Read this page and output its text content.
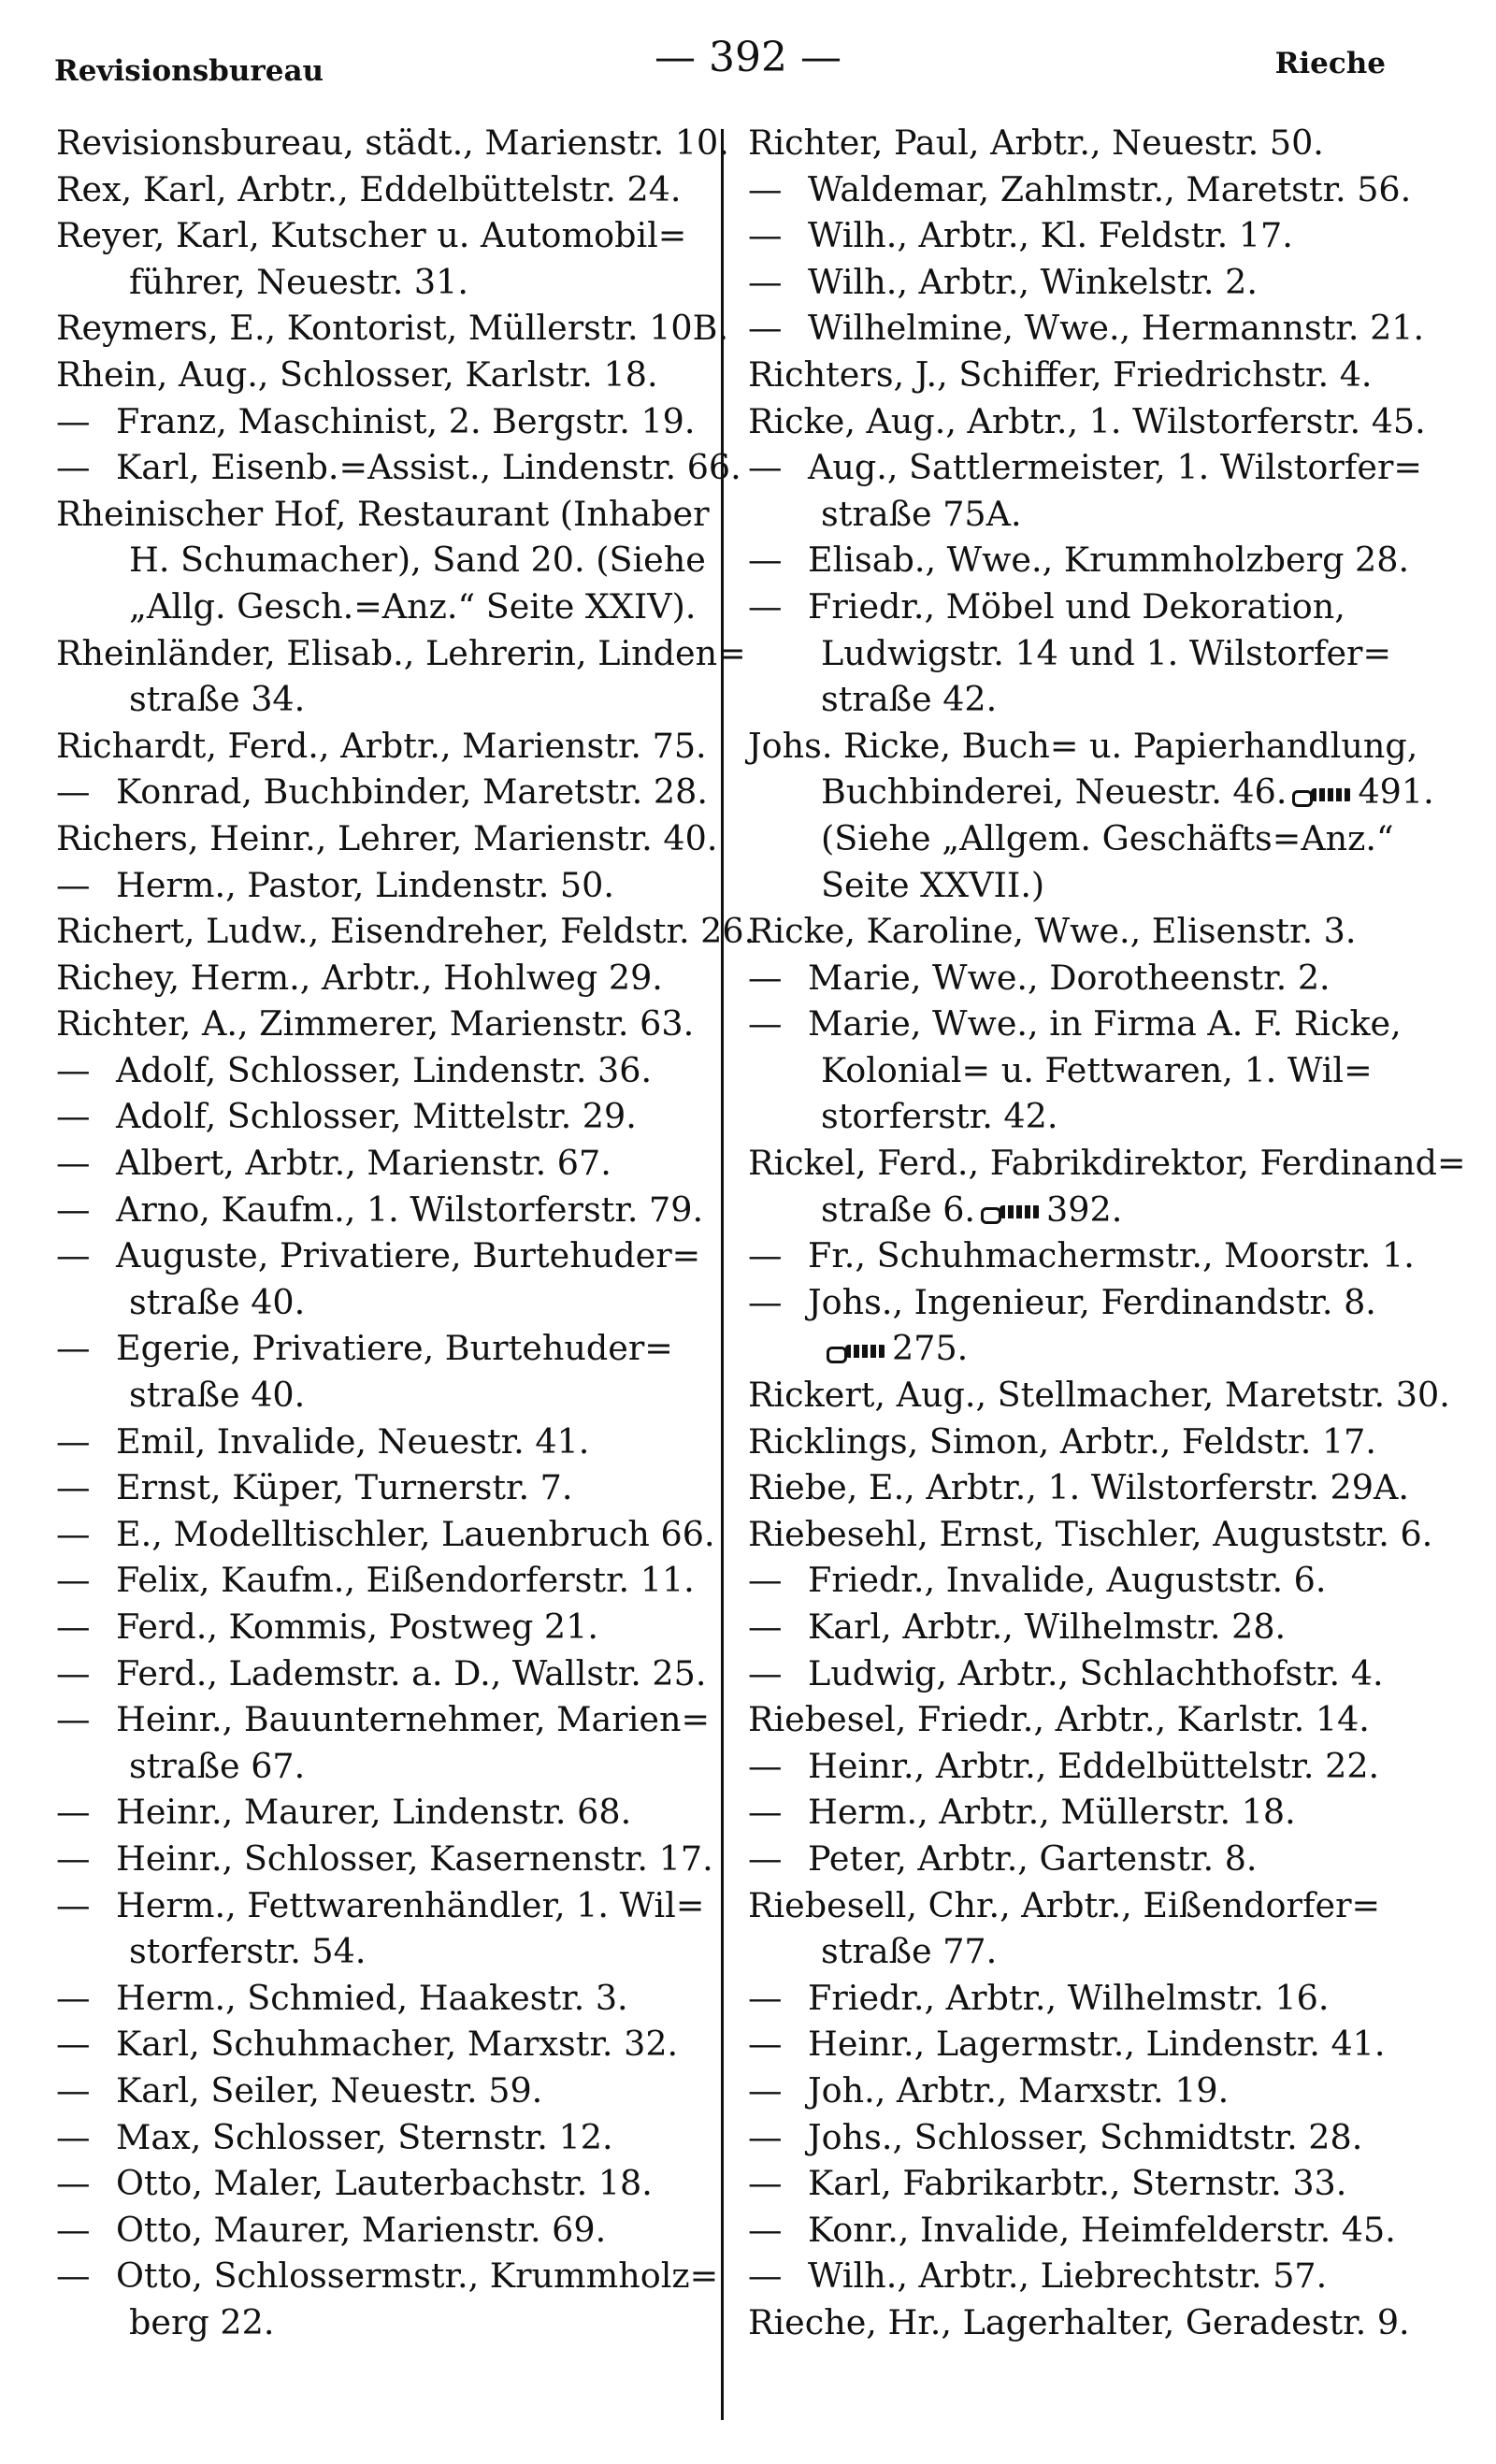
Revisionsbureau	— 392 —	Rieche
Revisionsbureau, städt., Marienstr. 10.
Rex, Karl, Arbtr., Eddelbüttelstr. 24.
Reyer, Karl, Kutscher u. Automobil=
führer, Neuestr. 31.
Reymers, E., Kontorist, Müllerstr. 10B.
Rhein, Aug., Schlosser, Karlstr. 18.
— Franz, Maschinist, 2. Bergstr. 19.
— Karl, Eisenb.=Assist., Lindenstr. 66.
Rheinischer Hof, Restaurant (Inhaber
H. Schumacher), Sand 20. (Siehe
„Allg. Gesch.=Anz.“ Seite XXIV).
Rheinländer, Elisab., Lehrerin, Linden=
straße 34.
Richardt, Ferd., Arbtr., Marienstr. 75.
— Konrad, Buchbinder, Maretstr. 28.
Richers, Heinr., Lehrer, Marienstr. 40.
— Herm., Pastor, Lindenstr. 50.
Richert, Ludw., Eisendreher, Feldstr. 26.
Richey, Herm., Arbtr., Hohlweg 29.
Richter, A., Zimmerer, Marienstr. 63.
— Adolf, Schlosser, Lindenstr. 36.
— Adolf, Schlosser, Mittelstr. 29.
— Albert, Arbtr., Marienstr. 67.
— Arno, Kaufm., 1. Wilstorferstr. 79.
— Auguste, Privatiere, Burtehuder=
straße 40.
— Egerie, Privatiere, Burtehuder=
straße 40.
— Emil, Invalide, Neuestr. 41.
— Ernst, Küper, Turnerstr. 7.
— E., Modelltischler, Lauenbruch 66.
— Felix, Kaufm., Eißendorferstr. 11.
— Ferd., Kommis, Postweg 21.
— Ferd., Lademstr. a. D., Wallstr. 25.
— Heinr., Bauunternehmer, Marien=
straße 67.
— Heinr., Maurer, Lindenstr. 68.
— Heinr., Schlosser, Kasernenstr. 17.
— Herm., Fettwarenhändler, 1. Wil=
storferstr. 54.
— Herm., Schmied, Haakestr. 3.
— Karl, Schuhmacher, Marxstr. 32.
— Karl, Seiler, Neuestr. 59.
— Max, Schlosser, Sternstr. 12.
— Otto, Maler, Lauterbachstr. 18.
— Otto, Maurer, Marienstr. 69.
— Otto, Schlossermstr., Krummholz=
berg 22.
Richter, Paul, Arbtr., Neuestr. 50.
— Waldemar, Zahlmstr., Maretstr. 56.
— Wilh., Arbtr., Kl. Feldstr. 17.
— Wilh., Arbtr., Winkelstr. 2.
— Wilhelmine, Wwe., Hermannstr. 21.
Richters, J., Schiffer, Friedrichstr. 4.
Ricke, Aug., Arbtr., 1. Wilstorferstr. 45.
— Aug., Sattlermeister, 1. Wilstorfer=
straße 75A.
— Elisab., Wwe., Krummholzberg 28.
— Friedr., Möbel und Dekoration,
Ludwigstr. 14 und 1. Wilstorfer=
straße 42.
Johs. Ricke, Buch= u. Papierhandlung,
Buchbinderei, Neuestr. 46. 491.
(Siehe „Allgem. Geschäfts=Anz.“
Seite XXVII.)
Ricke, Karoline, Wwe., Elisenstr. 3.
— Marie, Wwe., Dorotheenstr. 2.
— Marie, Wwe., in Firma A. F. Ricke,
Kolonial= u. Fettwaren, 1. Wil=
storferstr. 42.
Rickel, Ferd., Fabrikdirektor, Ferdinand=
straße 6. 392.
— Fr., Schuhmachermstr., Moorstr. 1.
— Johs., Ingenieur, Ferdinandstr. 8.
275.
Rickert, Aug., Stellmacher, Maretstr. 30.
Ricklings, Simon, Arbtr., Feldstr. 17.
Riebe, E., Arbtr., 1. Wilstorferstr. 29A.
Riebesehl, Ernst, Tischler, Auguststr. 6.
— Friedr., Invalide, Auguststr. 6.
— Karl, Arbtr., Wilhelmstr. 28.
— Ludwig, Arbtr., Schlachthofstr. 4.
Riebesel, Friedr., Arbtr., Karlstr. 14.
— Heinr., Arbtr., Eddelbüttelstr. 22.
— Herm., Arbtr., Müllerstr. 18.
— Peter, Arbtr., Gartenstr. 8.
Riebesell, Chr., Arbtr., Eißendorfer=
straße 77.
— Friedr., Arbtr., Wilhelmstr. 16.
— Heinr., Lagermstr., Lindenstr. 41.
— Joh., Arbtr., Marxstr. 19.
— Johs., Schlosser, Schmidtstr. 28.
— Karl, Fabrikarbtr., Sternstr. 33.
— Konr., Invalide, Heimfelderstr. 45.
— Wilh., Arbtr., Liebrechtstr. 57.
Rieche, Hr., Lagerhalter, Geradestr. 9.
